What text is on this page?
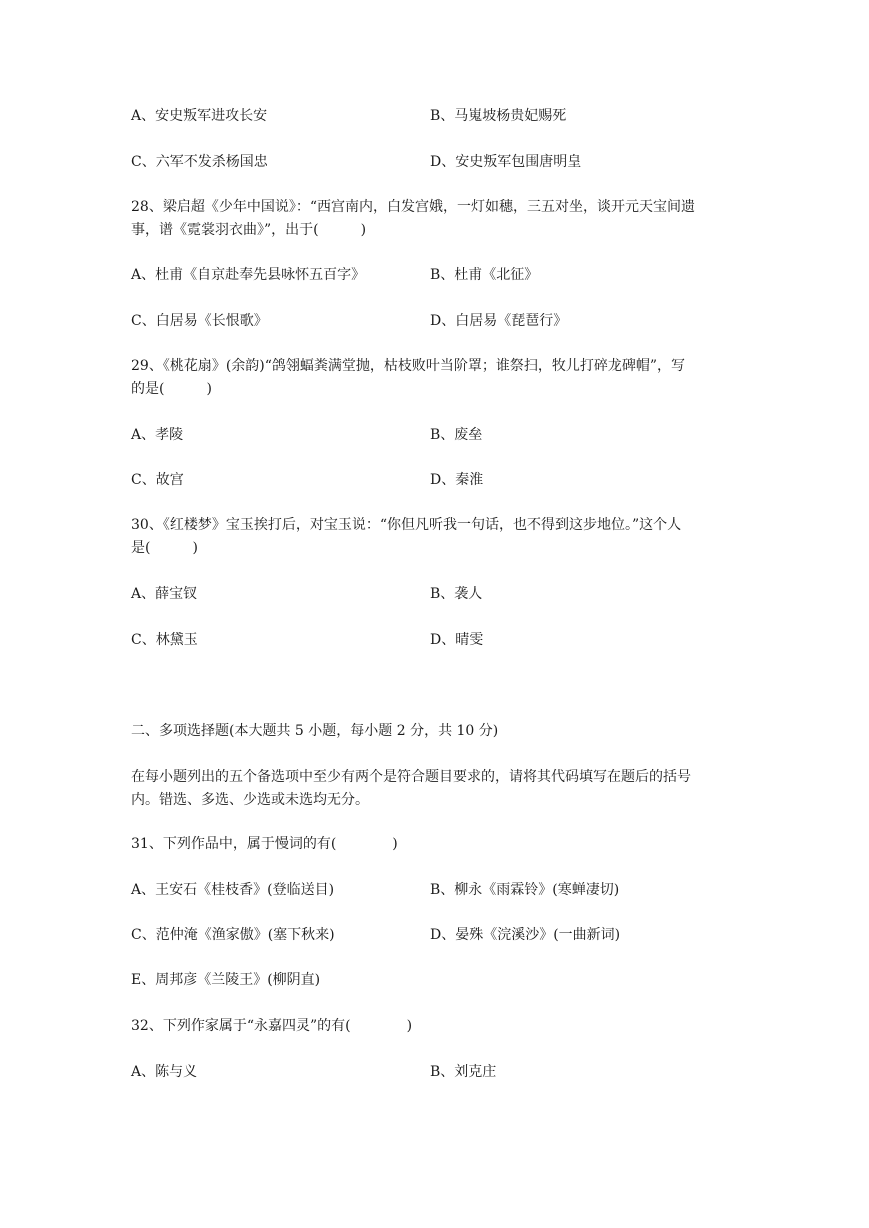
A、安史叛军进攻长安	B、马嵬坡杨贵妃赐死
C、六军不发杀杨国忠	D、安史叛军包围唐明皇
28、梁启超《少年中国说》：“西宫南内，白发宫娥，一灯如穗，三五对坐，谈开元天宝间遗
事，谱《霓裳羽衣曲》”，出于(　　　)
A、杜甫《自京赴奉先县咏怀五百字》	B、杜甫《北征》
C、白居易《长恨歌》	D、白居易《琵琶行》
29、《桃花扇》(余韵)“鸽翎蝠粪满堂抛，枯枝败叶当阶罩；谁祭扫，牧儿打碎龙碑帽”，写
的是(　　　)
A、孝陵	B、废垒
C、故宫	D、秦淮
30、《红楼梦》宝玉挨打后，对宝玉说：“你但凡听我一句话，也不得到这步地位。”这个人
是(　　　)
A、薛宝钗	B、袭人
C、林黛玉	D、晴雯
二、多项选择题(本大题共 5 小题，每小题 2 分，共 10 分)
在每小题列出的五个备选项中至少有两个是符合题目要求的，请将其代码填写在题后的括号
内。错选、多选、少选或未选均无分。
31、下列作品中，属于慢词的有(　　　　)
A、王安石《桂枝香》(登临送目)	B、柳永《雨霖铃》(寒蝉凄切)
C、范仲淹《渔家傲》(塞下秋来)	D、晏殊《浣溪沙》(一曲新词)
E、周邦彦《兰陵王》(柳阴直)
32、下列作家属于“永嘉四灵”的有(　　　　)
A、陈与义	B、刘克庄
